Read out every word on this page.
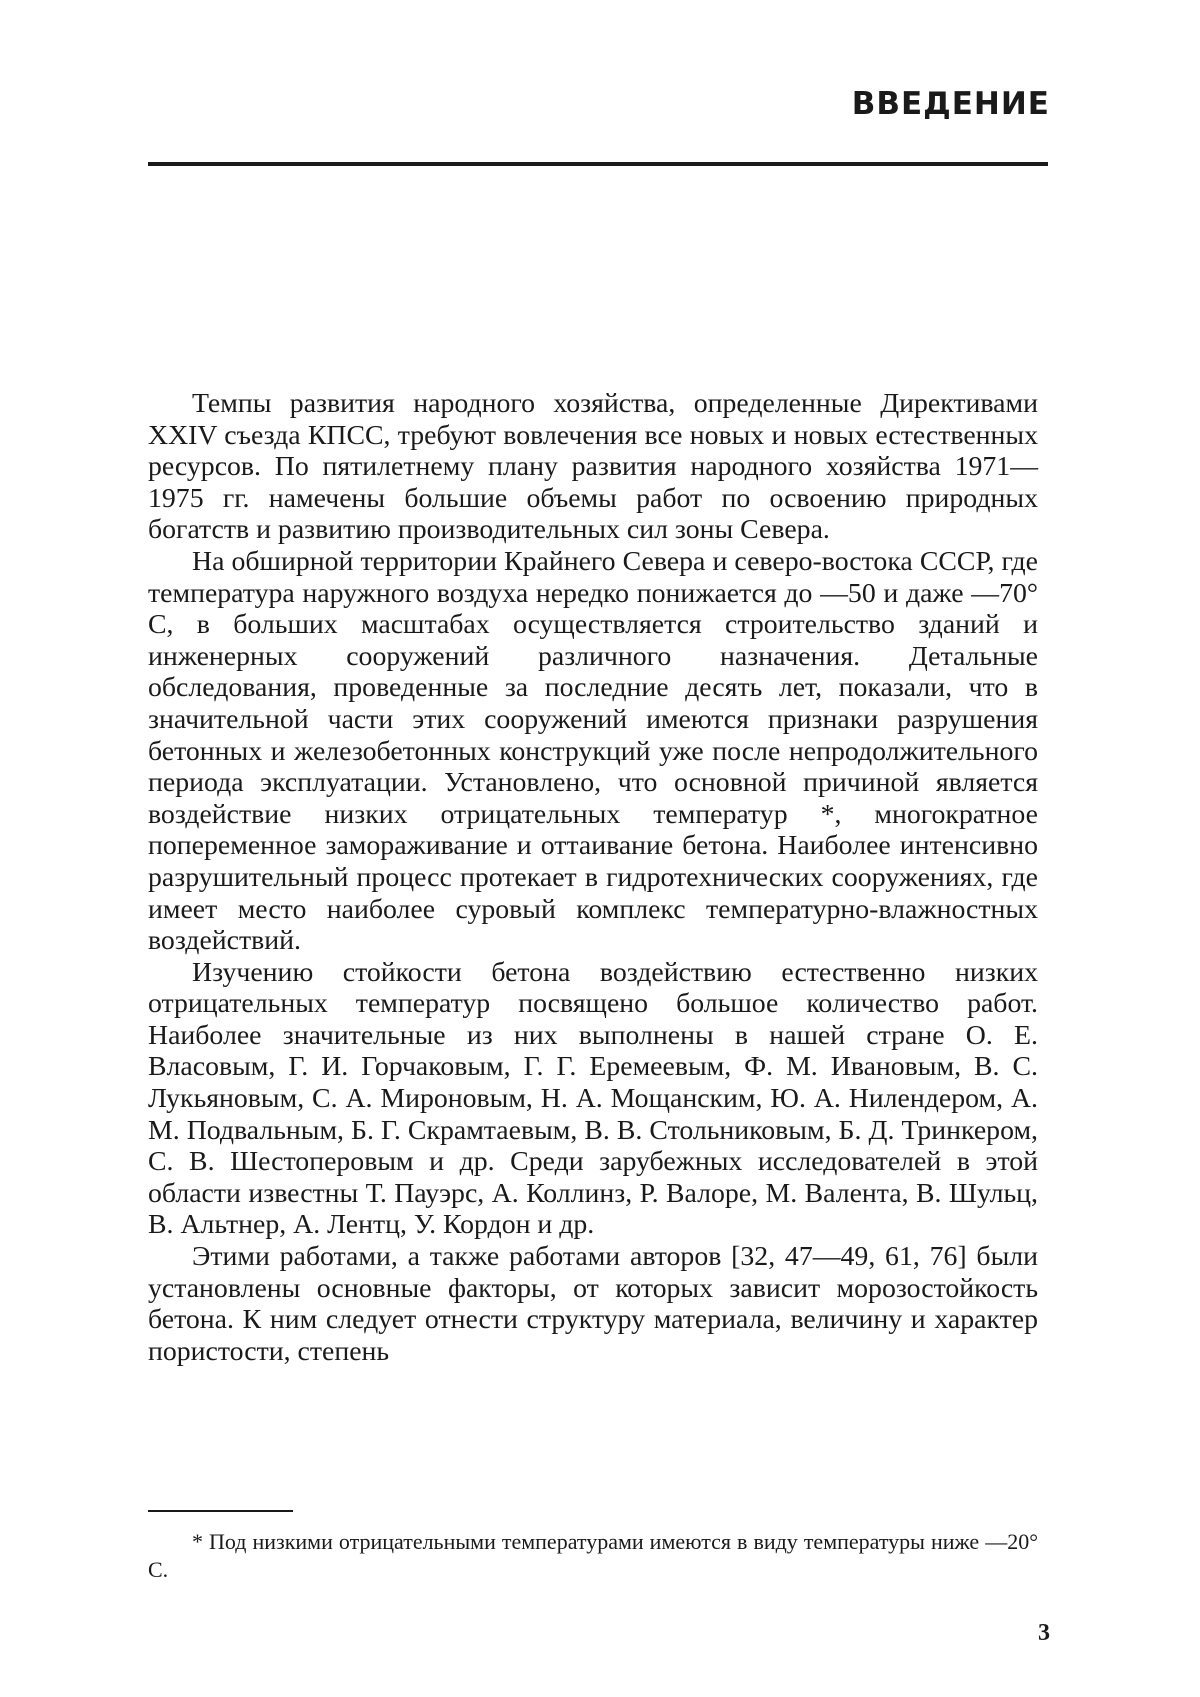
ВВЕДЕНИЕ

Темпы развития народного хозяйства, определенные Директивами XXIV съезда КПСС, требуют вовлечения все новых и новых естественных ресурсов. По пятилетнему плану развития народного хозяйства 1971—1975 гг. намечены большие объемы работ по освоению природных богатств и развитию производительных сил зоны Севера.

На обширной территории Крайнего Севера и северо-востока СССР, где температура наружного воздуха нередко понижается до —50 и даже —70° С, в больших масштабах осуществляется строительство зданий и инженерных сооружений различного назначения. Детальные обследования, проведенные за последние десять лет, показали, что в значительной части этих сооружений имеются признаки разрушения бетонных и железобетонных конструкций уже после непродолжительного периода эксплуатации. Установлено, что основной причиной является воздействие низких отрицательных температур *, многократное попеременное замораживание и оттаивание бетона. Наиболее интенсивно разрушительный процесс протекает в гидротехнических сооружениях, где имеет место наиболее суровый комплекс температурно-влажностных воздействий.

Изучению стойкости бетона воздействию естественно низких отрицательных температур посвящено большое количество работ. Наиболее значительные из них выполнены в нашей стране О. Е. Власовым, Г. И. Горчаковым, Г. Г. Еремеевым, Ф. М. Ивановым, В. С. Лукьяновым, С. А. Мироновым, Н. А. Мощанским, Ю. А. Нилендером, А. М. Подвальным, Б. Г. Скрамтаевым, В. В. Стольниковым, Б. Д. Тринкером, С. В. Шестоперовым и др. Среди зарубежных исследователей в этой области известны Т. Пауэрс, А. Коллинз, Р. Валоре, М. Валента, В. Шульц, В. Альтнер, А. Лентц, У. Кордон и др.

Этими работами, а также работами авторов [32, 47—49, 61, 76] были установлены основные факторы, от которых зависит морозостойкость бетона. К ним следует отнести структуру материала, величину и характер пористости, степень

* Под низкими отрицательными температурами имеются в виду температуры ниже —20° С.

3
